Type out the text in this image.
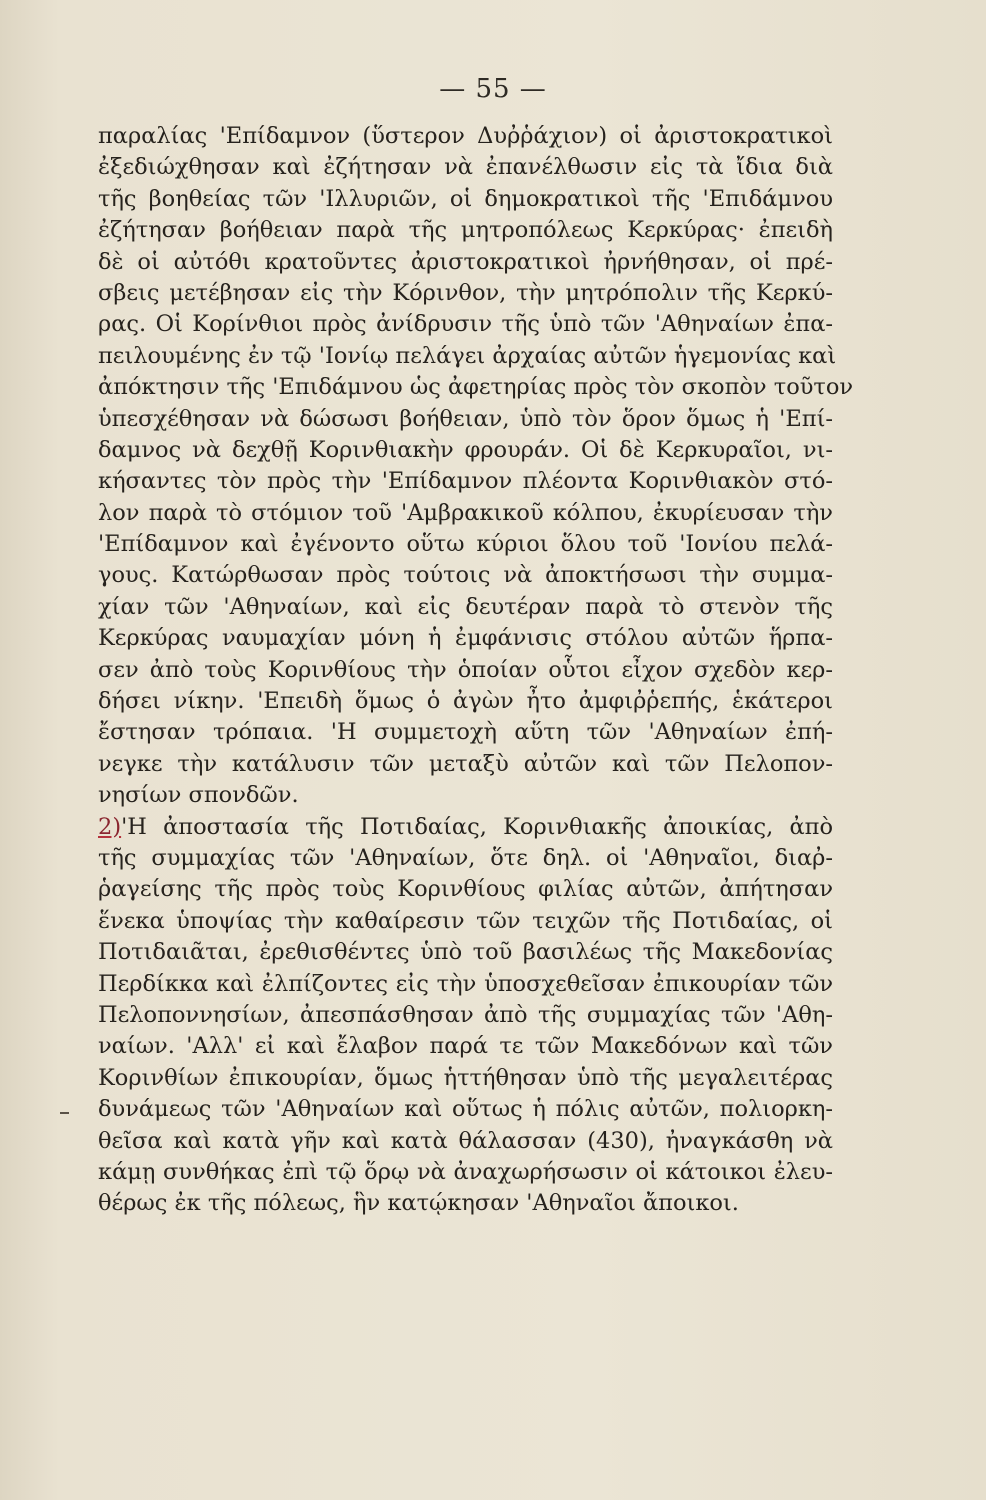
— 55 —
παραλίας 'Επίδαμνον (ὕστερον Δυῤῥάχιον) οἱ ἀριστοκρατικοὶ
ἐξεδιώχθησαν καὶ ἐζήτησαν νὰ ἐπανέλθωσιν εἰς τὰ ἴδια διὰ
τῆς βοηθείας τῶν 'Ιλλυριῶν, οἱ δημοκρατικοὶ τῆς 'Επιδάμνου
ἐζήτησαν βοήθειαν παρὰ τῆς μητροπόλεως Κερκύρας· ἐπειδὴ
δὲ οἱ αὐτόθι κρατοῦντες ἀριστοκρατικοὶ ἠρνήθησαν, οἱ πρέ-
σβεις μετέβησαν εἰς τὴν Κόρινθον, τὴν μητρόπολιν τῆς Κερκύ-
ρας. Οἱ Κορίνθιοι πρὸς ἀνίδρυσιν τῆς ὑπὸ τῶν 'Αθηναίων ἐπα-
πειλουμένης ἐν τῷ 'Ιονίῳ πελάγει ἀρχαίας αὐτῶν ἡγεμονίας καὶ
ἀπόκτησιν τῆς 'Επιδάμνου ὡς ἀφετηρίας πρὸς τὸν σκοπὸν τοῦτον
ὑπεσχέθησαν νὰ δώσωσι βοήθειαν, ὑπὸ τὸν ὅρον ὅμως ἡ 'Επί-
δαμνος νὰ δεχθῇ Κορινθιακὴν φρουράν. Οἱ δὲ Κερκυραῖοι, νι-
κήσαντες τὸν πρὸς τὴν 'Επίδαμνον πλέοντα Κορινθιακὸν στό-
λον παρὰ τὸ στόμιον τοῦ 'Αμβρακικοῦ κόλπου, ἐκυρίευσαν τὴν
'Επίδαμνον καὶ ἐγένοντο οὕτω κύριοι ὅλου τοῦ 'Ιονίου πελά-
γους. Κατώρθωσαν πρὸς τούτοις νὰ ἀποκτήσωσι τὴν συμμα-
χίαν τῶν 'Αθηναίων, καὶ εἰς δευτέραν παρὰ τὸ στενὸν τῆς
Κερκύρας ναυμαχίαν μόνη ἡ ἐμφάνισις στόλου αὐτῶν ἥρπα-
σεν ἀπὸ τοὺς Κορινθίους τὴν ὁποίαν οὗτοι εἶχον σχεδὸν κερ-
δήσει νίκην. 'Επειδὴ ὅμως ὁ ἀγὼν ἦτο ἀμφιῤῥεπής, ἑκάτεροι
ἔστησαν τρόπαια. 'Η συμμετοχὴ αὕτη τῶν 'Αθηναίων ἐπή-
νεγκε τὴν κατάλυσιν τῶν μεταξὺ αὐτῶν καὶ τῶν Πελοπον-
νησίων σπονδῶν.
2)'Η ἀποστασία τῆς Ποτιδαίας, Κορινθιακῆς ἀποικίας, ἀπὸ
τῆς συμμαχίας τῶν 'Αθηναίων, ὅτε δηλ. οἱ 'Αθηναῖοι, διαῤ-
ῥαγείσης τῆς πρὸς τοὺς Κορινθίους φιλίας αὐτῶν, ἀπήτησαν
ἕνεκα ὑποψίας τὴν καθαίρεσιν τῶν τειχῶν τῆς Ποτιδαίας, οἱ
Ποτιδαιᾶται, ἐρεθισθέντες ὑπὸ τοῦ βασιλέως τῆς Μακεδονίας
Περδίκκα καὶ ἐλπίζοντες εἰς τὴν ὑποσχεθεῖσαν ἐπικουρίαν τῶν
Πελοποννησίων, ἀπεσπάσθησαν ἀπὸ τῆς συμμαχίας τῶν 'Αθη-
ναίων. 'Αλλ' εἰ καὶ ἔλαβον παρά τε τῶν Μακεδόνων καὶ τῶν
Κορινθίων ἐπικουρίαν, ὅμως ἡττήθησαν ὑπὸ τῆς μεγαλειτέρας
δυνάμεως τῶν 'Αθηναίων καὶ οὕτως ἡ πόλις αὐτῶν, πολιορκη-
θεῖσα καὶ κατὰ γῆν καὶ κατὰ θάλασσαν (430), ἠναγκάσθη νὰ
κάμῃ συνθήκας ἐπὶ τῷ ὅρῳ νὰ ἀναχωρήσωσιν οἱ κάτοικοι ἐλευ-
θέρως ἐκ τῆς πόλεως, ἣν κατῴκησαν 'Αθηναῖοι ἄποικοι.
